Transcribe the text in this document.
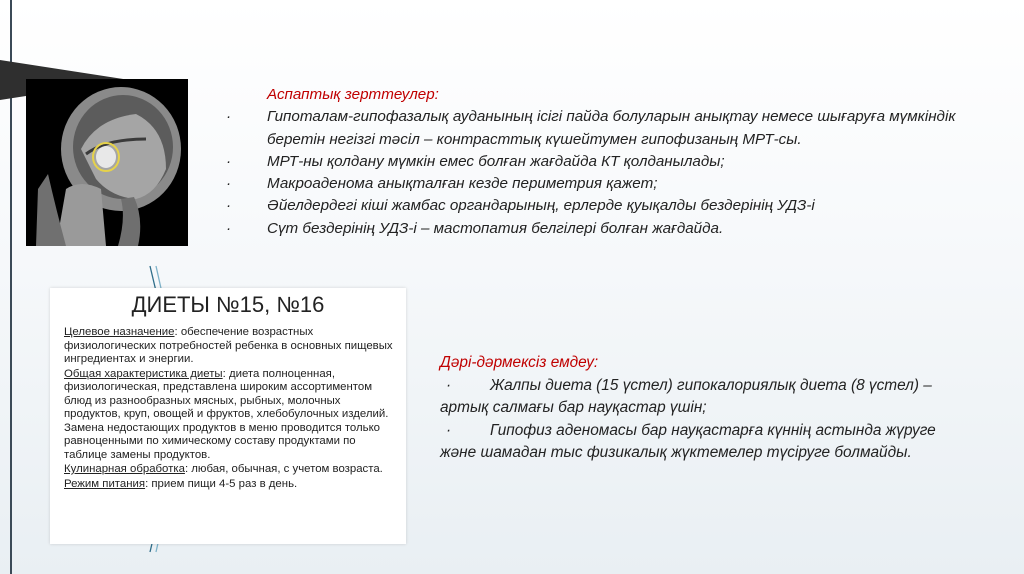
ДИЕТЫ №15, №16

Целевое назначение: обеспечение возрастных физиологических потребностей ребенка в основных пищевых ингредиентах и энергии.

Общая характеристика диеты: диета полноценная, физиологическая, представлена широким ассортиментом блюд из разнообразных мясных, рыбных, молочных продуктов, круп, овощей и фруктов, хлебобулочных изделий. Замена недостающих продуктов в меню проводится только равноценными по химическому составу продуктами по таблице замены продуктов.

Кулинарная обработка: любая, обычная, с учетом возраста.

Режим питания: прием пищи 4-5 раз в день.

Аспаптық зерттеулер:
·	Гипоталам-гипофазалық ауданының ісігі пайда болуларын анықтау немесе шығаруға мүмкіндік беретін негізгі тәсіл – контрасттық күшейтумен гипофизаның МРТ-сы.
·	МРТ-ны қолдану мүмкін емес болған жағдайда КТ қолданылады;
·	Макроаденома анықталған кезде периметрия қажет;
·	Әйелдердегі кіші жамбас органдарының, ерлерде қуықалды бездерінің УДЗ-і
·	Сүт бездерінің УДЗ-і – мастопатия белгілері болған жағдайда.
Дәрі-дәрмексіз емдеу:
·	Жалпы диета (15 үстел) гипокалориялық диета (8 үстел) – артық салмағы бар науқастар үшін;
·	Гипофиз аденомасы бар науқастарға күннің астында жүруге және шамадан тыс физикалық жүктемелер түсіруге болмайды.
